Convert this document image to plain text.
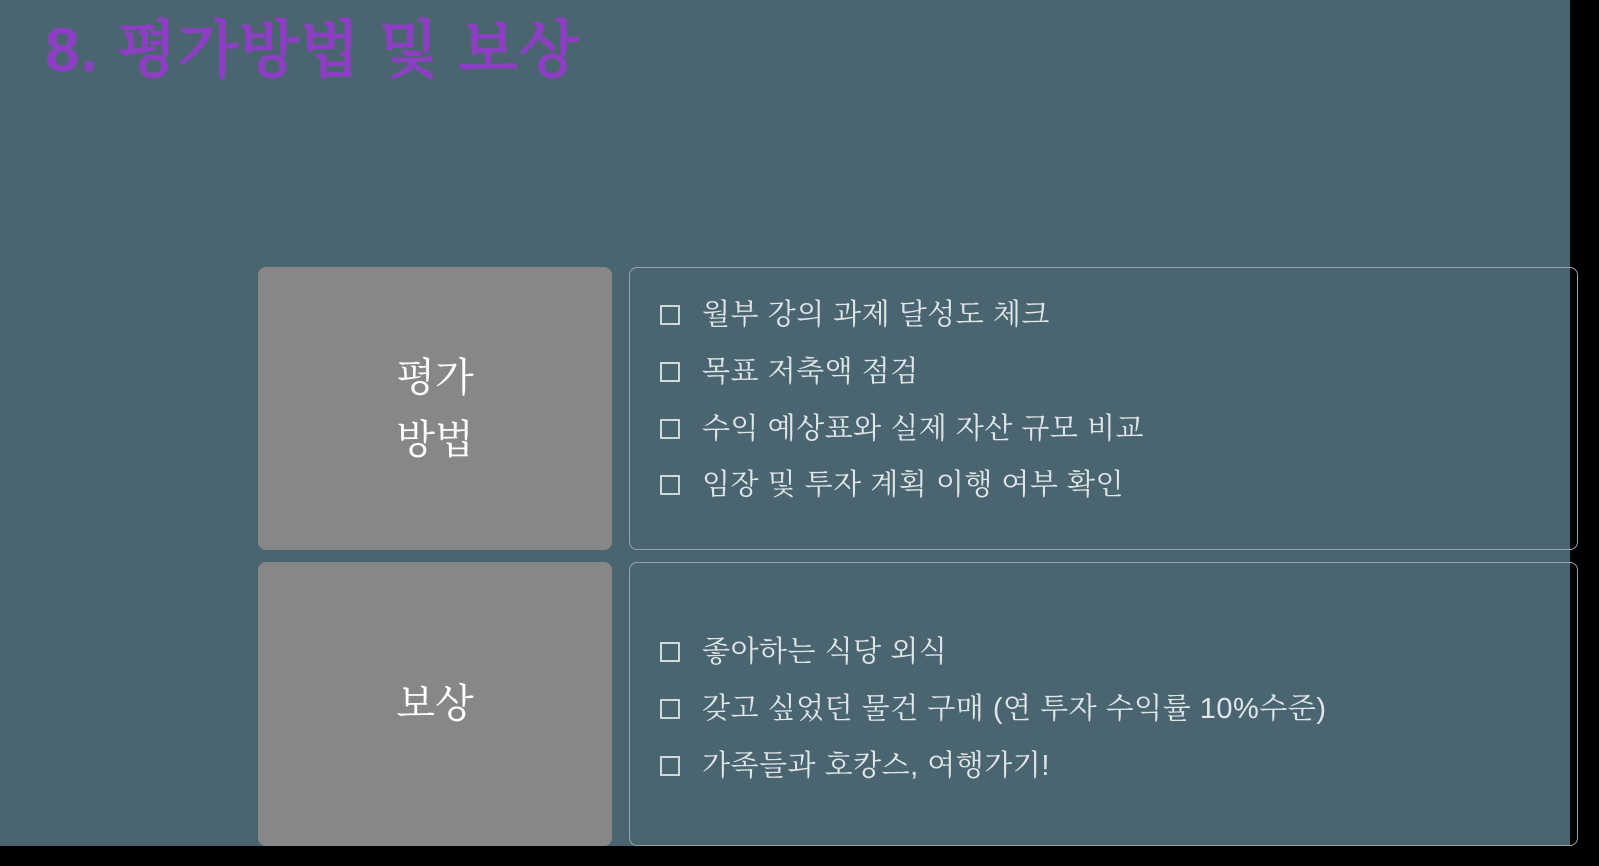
8. 평가방법 및 보상
평가
방법
월부 강의 과제 달성도 체크
목표 저축액 점검
수익 예상표와 실제 자산 규모 비교
임장 및 투자 계획 이행 여부 확인
보상
좋아하는 식당 외식
갖고 싶었던 물건 구매 (연 투자 수익률 10%수준)
가족들과 호캉스, 여행가기!
